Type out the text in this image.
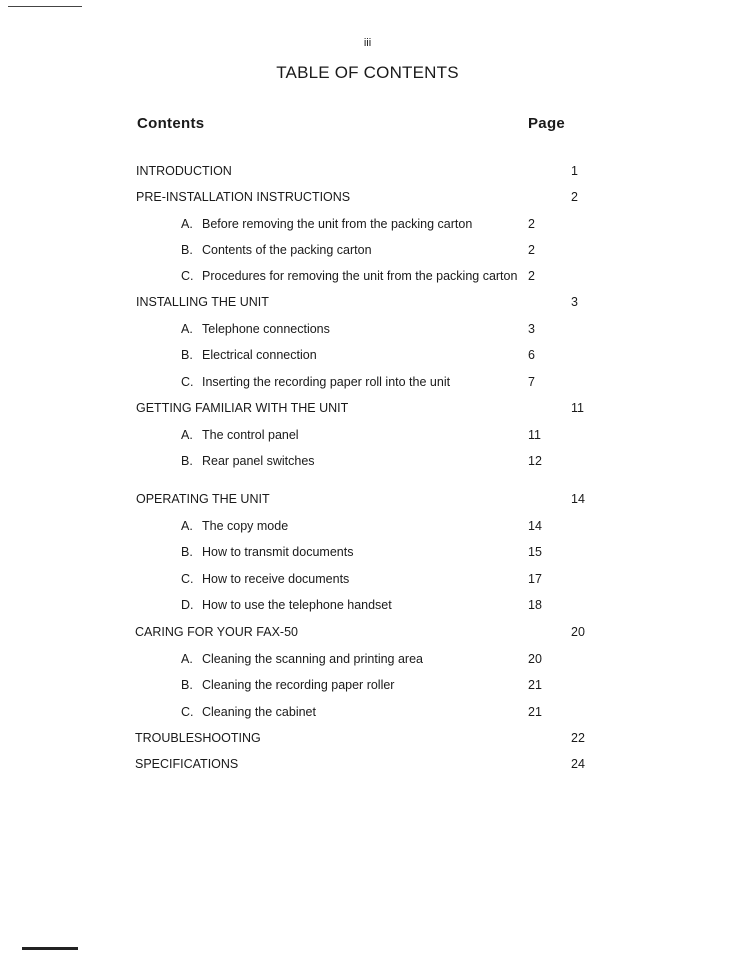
iii
TABLE OF CONTENTS
Contents	Page
INTRODUCTION	1
PRE-INSTALLATION INSTRUCTIONS	2
A. Before removing the unit from the packing carton	2
B. Contents of the packing carton	2
C. Procedures for removing the unit from the packing carton 2
INSTALLING THE UNIT	3
A. Telephone connections	3
B. Electrical connection	6
C. Inserting the recording paper roll into the unit	7
GETTING FAMILIAR WITH THE UNIT	11
A. The control panel	11
B. Rear panel switches	12
OPERATING THE UNIT	14
A. The copy mode	14
B. How to transmit documents	15
C. How to receive documents	17
D. How to use the telephone handset	18
CARING FOR YOUR FAX-50	20
A. Cleaning the scanning and printing area	20
B. Cleaning the recording paper roller	21
C. Cleaning the cabinet	21
TROUBLESHOOTING	22
SPECIFICATIONS	24
